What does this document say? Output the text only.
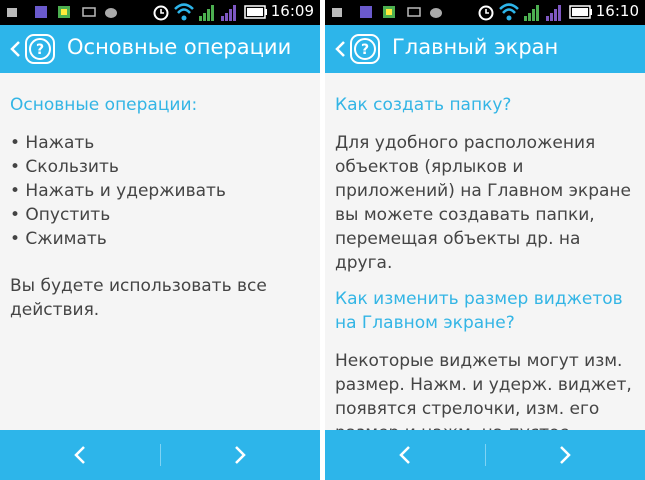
16:09
? Основные операции
Основные операции:
• Нажать
• Скользить
• Нажать и удерживать
• Опустить
• Сжимать
Вы будете использовать все действия.
16:10
? Главный экран
Как создать папку?
Для удобного расположения объектов (ярлыков и приложений) на Главном экране вы можете создавать папки, перемещая объекты др. на друга.
Как изменить размер виджетов на Главном экране?
Некоторые виджеты могут изм. размер. Нажм. и удерж. виджет, появятся стрелочки, изм. его
